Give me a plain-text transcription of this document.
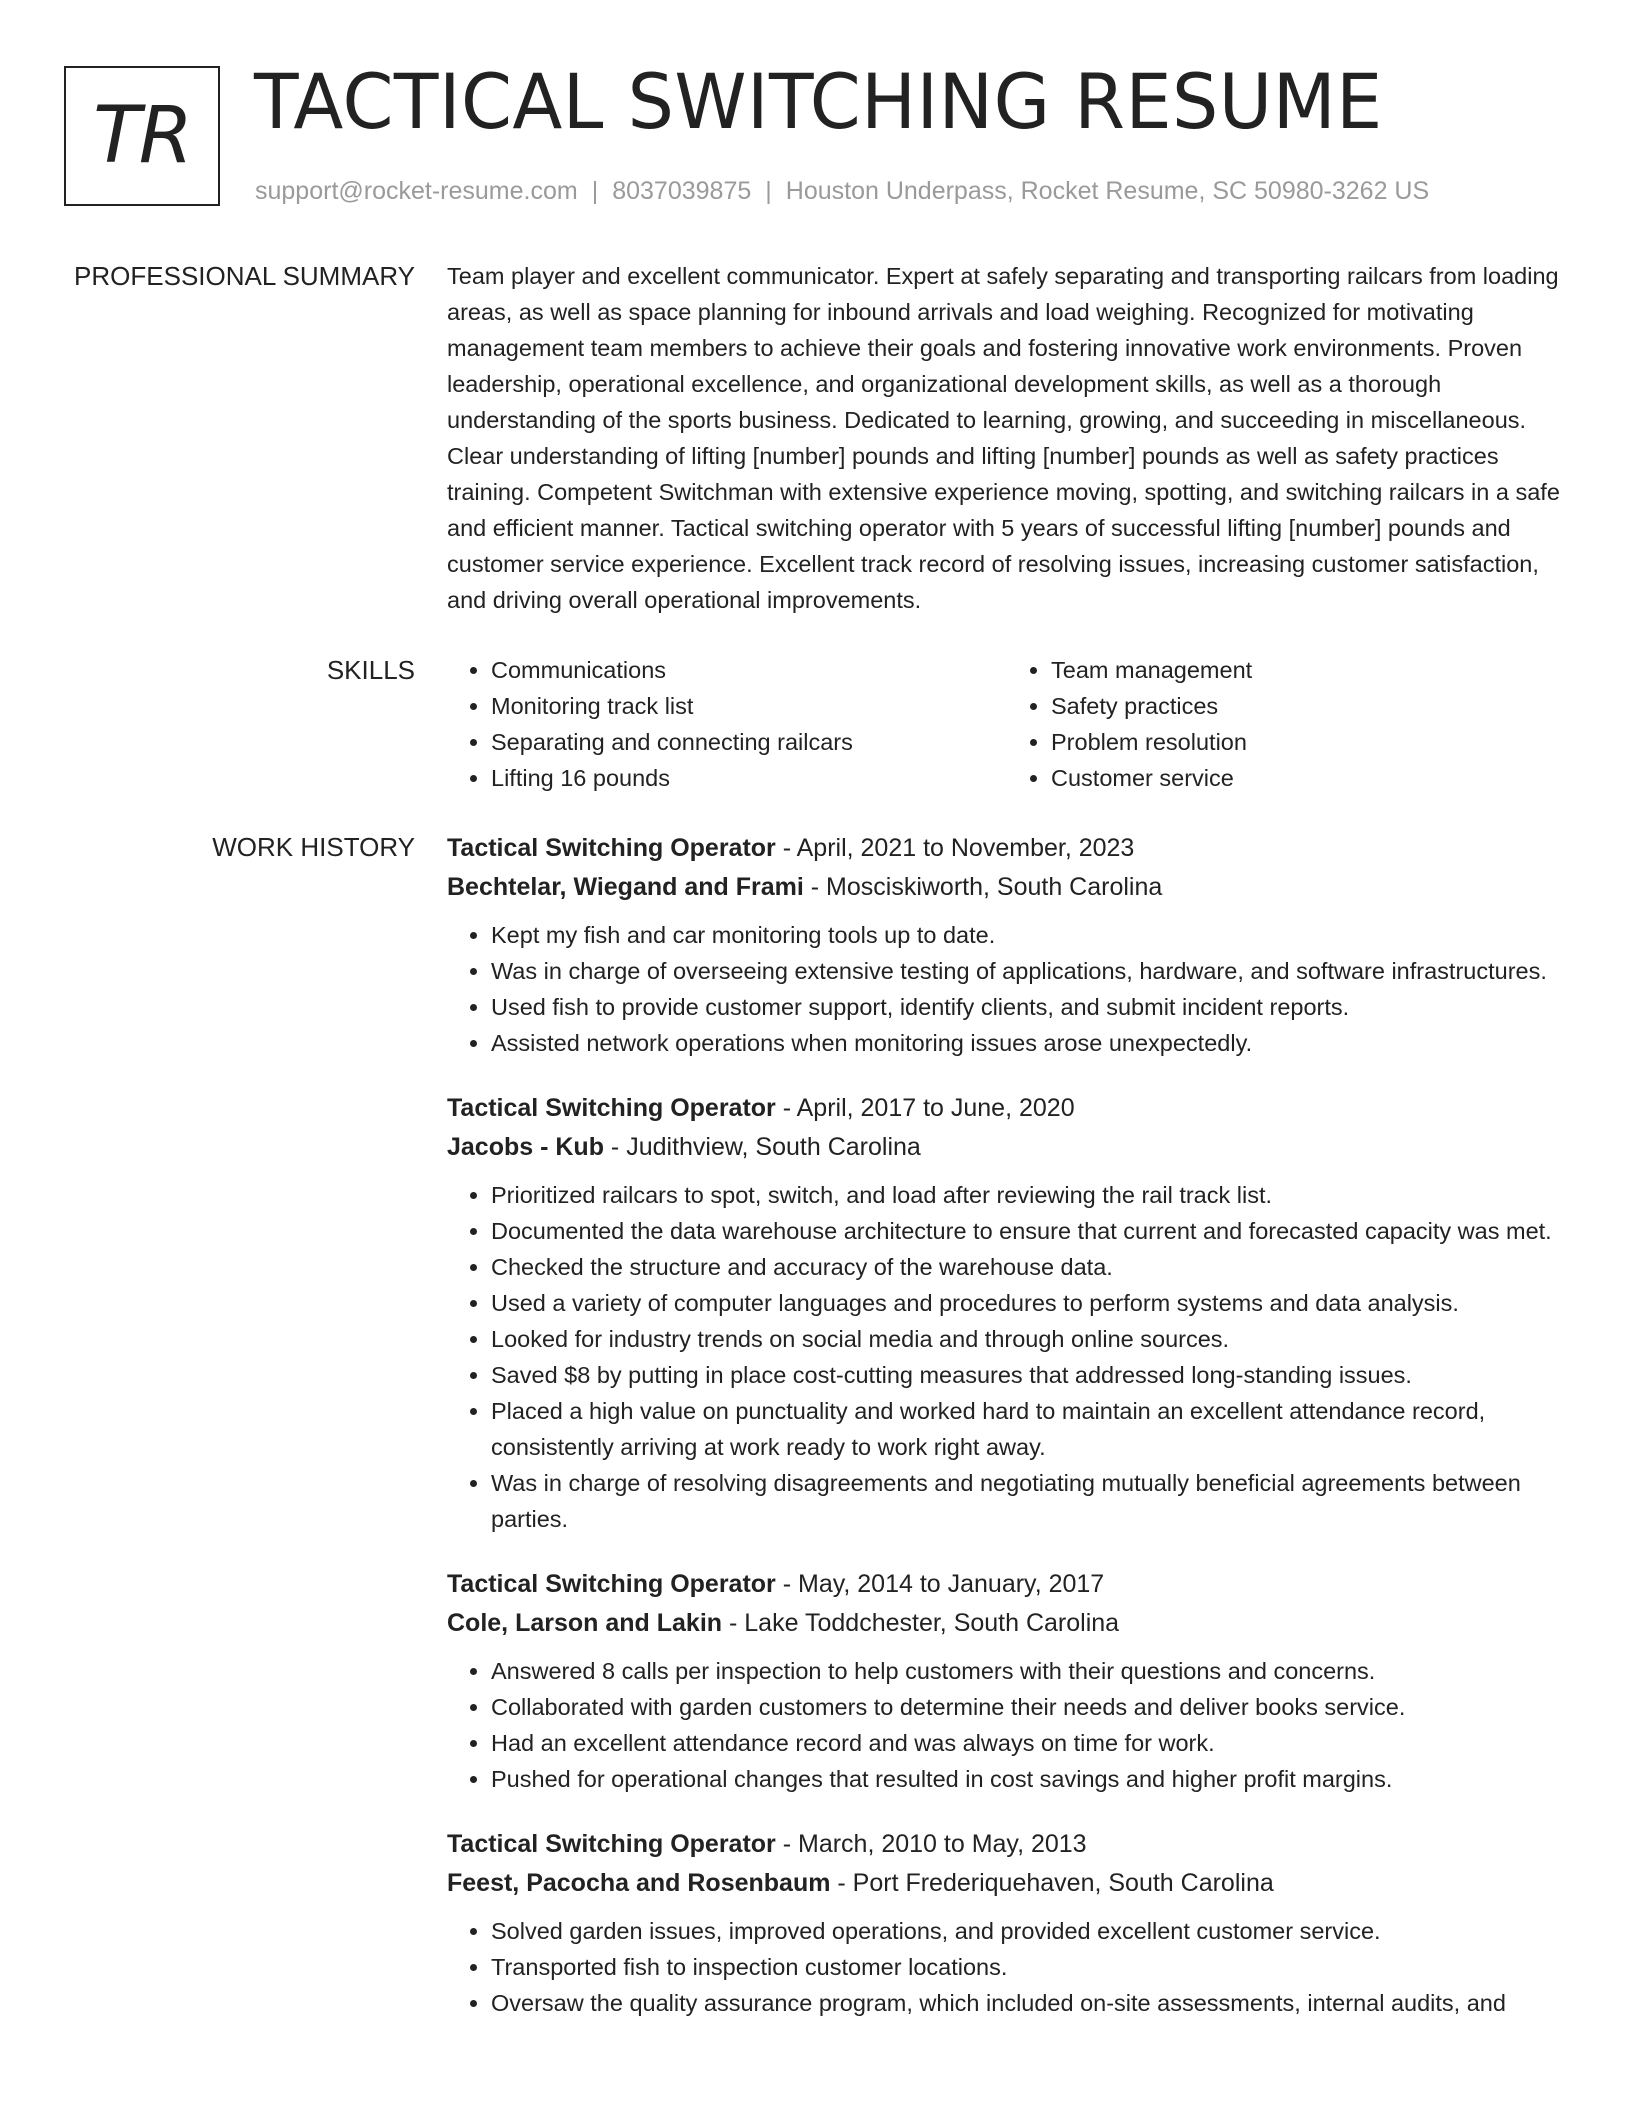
TR TACTICAL SWITCHING RESUME
support@rocket-resume.com | 8037039875 | Houston Underpass, Rocket Resume, SC 50980-3262 US
PROFESSIONAL SUMMARY Team player and excellent communicator. Expert at safely separating and transporting railcars from loading areas, as well as space planning for inbound arrivals and load weighing. Recognized for motivating management team members to achieve their goals and fostering innovative work environments. Proven leadership, operational excellence, and organizational development skills, as well as a thorough understanding of the sports business. Dedicated to learning, growing, and succeeding in miscellaneous. Clear understanding of lifting [number] pounds and lifting [number] pounds as well as safety practices training. Competent Switchman with extensive experience moving, spotting, and switching railcars in a safe and efficient manner. Tactical switching operator with 5 years of successful lifting [number] pounds and customer service experience. Excellent track record of resolving issues, increasing customer satisfaction, and driving overall operational improvements.
SKILLS
•	Communications
• Monitoring track list
• Separating and connecting railcars
• Lifting 16 pounds
• Team management
• Safety practices
• Problem resolution
• Customer service
WORK HISTORY Tactical Switching Operator - April, 2021 to November, 2023
Bechtelar, Wiegand and Frami - Mosciskiworth, South Carolina
• Kept my fish and car monitoring tools up to date.
• Was in charge of overseeing extensive testing of applications, hardware, and software infrastructures.
• Used fish to provide customer support, identify clients, and submit incident reports.
• Assisted network operations when monitoring issues arose unexpectedly.
Tactical Switching Operator - April, 2017 to June, 2020
Jacobs - Kub - Judithview, South Carolina
• Prioritized railcars to spot, switch, and load after reviewing the rail track list.
• Documented the data warehouse architecture to ensure that current and forecasted capacity was met.
• Checked the structure and accuracy of the warehouse data.
• Used a variety of computer languages and procedures to perform systems and data analysis.
• Looked for industry trends on social media and through online sources.
• Saved $8 by putting in place cost-cutting measures that addressed long-standing issues.
• Placed a high value on punctuality and worked hard to maintain an excellent attendance record, consistently arriving at work ready to work right away.
• Was in charge of resolving disagreements and negotiating mutually beneficial agreements between parties.
Tactical Switching Operator - May, 2014 to January, 2017
Cole, Larson and Lakin - Lake Toddchester, South Carolina
• Answered 8 calls per inspection to help customers with their questions and concerns.
• Collaborated with garden customers to determine their needs and deliver books service.
• Had an excellent attendance record and was always on time for work.
• Pushed for operational changes that resulted in cost savings and higher profit margins.
Tactical Switching Operator - March, 2010 to May, 2013
Feest, Pacocha and Rosenbaum - Port Frederiquehaven, South Carolina
• Solved garden issues, improved operations, and provided excellent customer service.
• Transported fish to inspection customer locations.
• Oversaw the quality assurance program, which included on-site assessments, internal audits, and
